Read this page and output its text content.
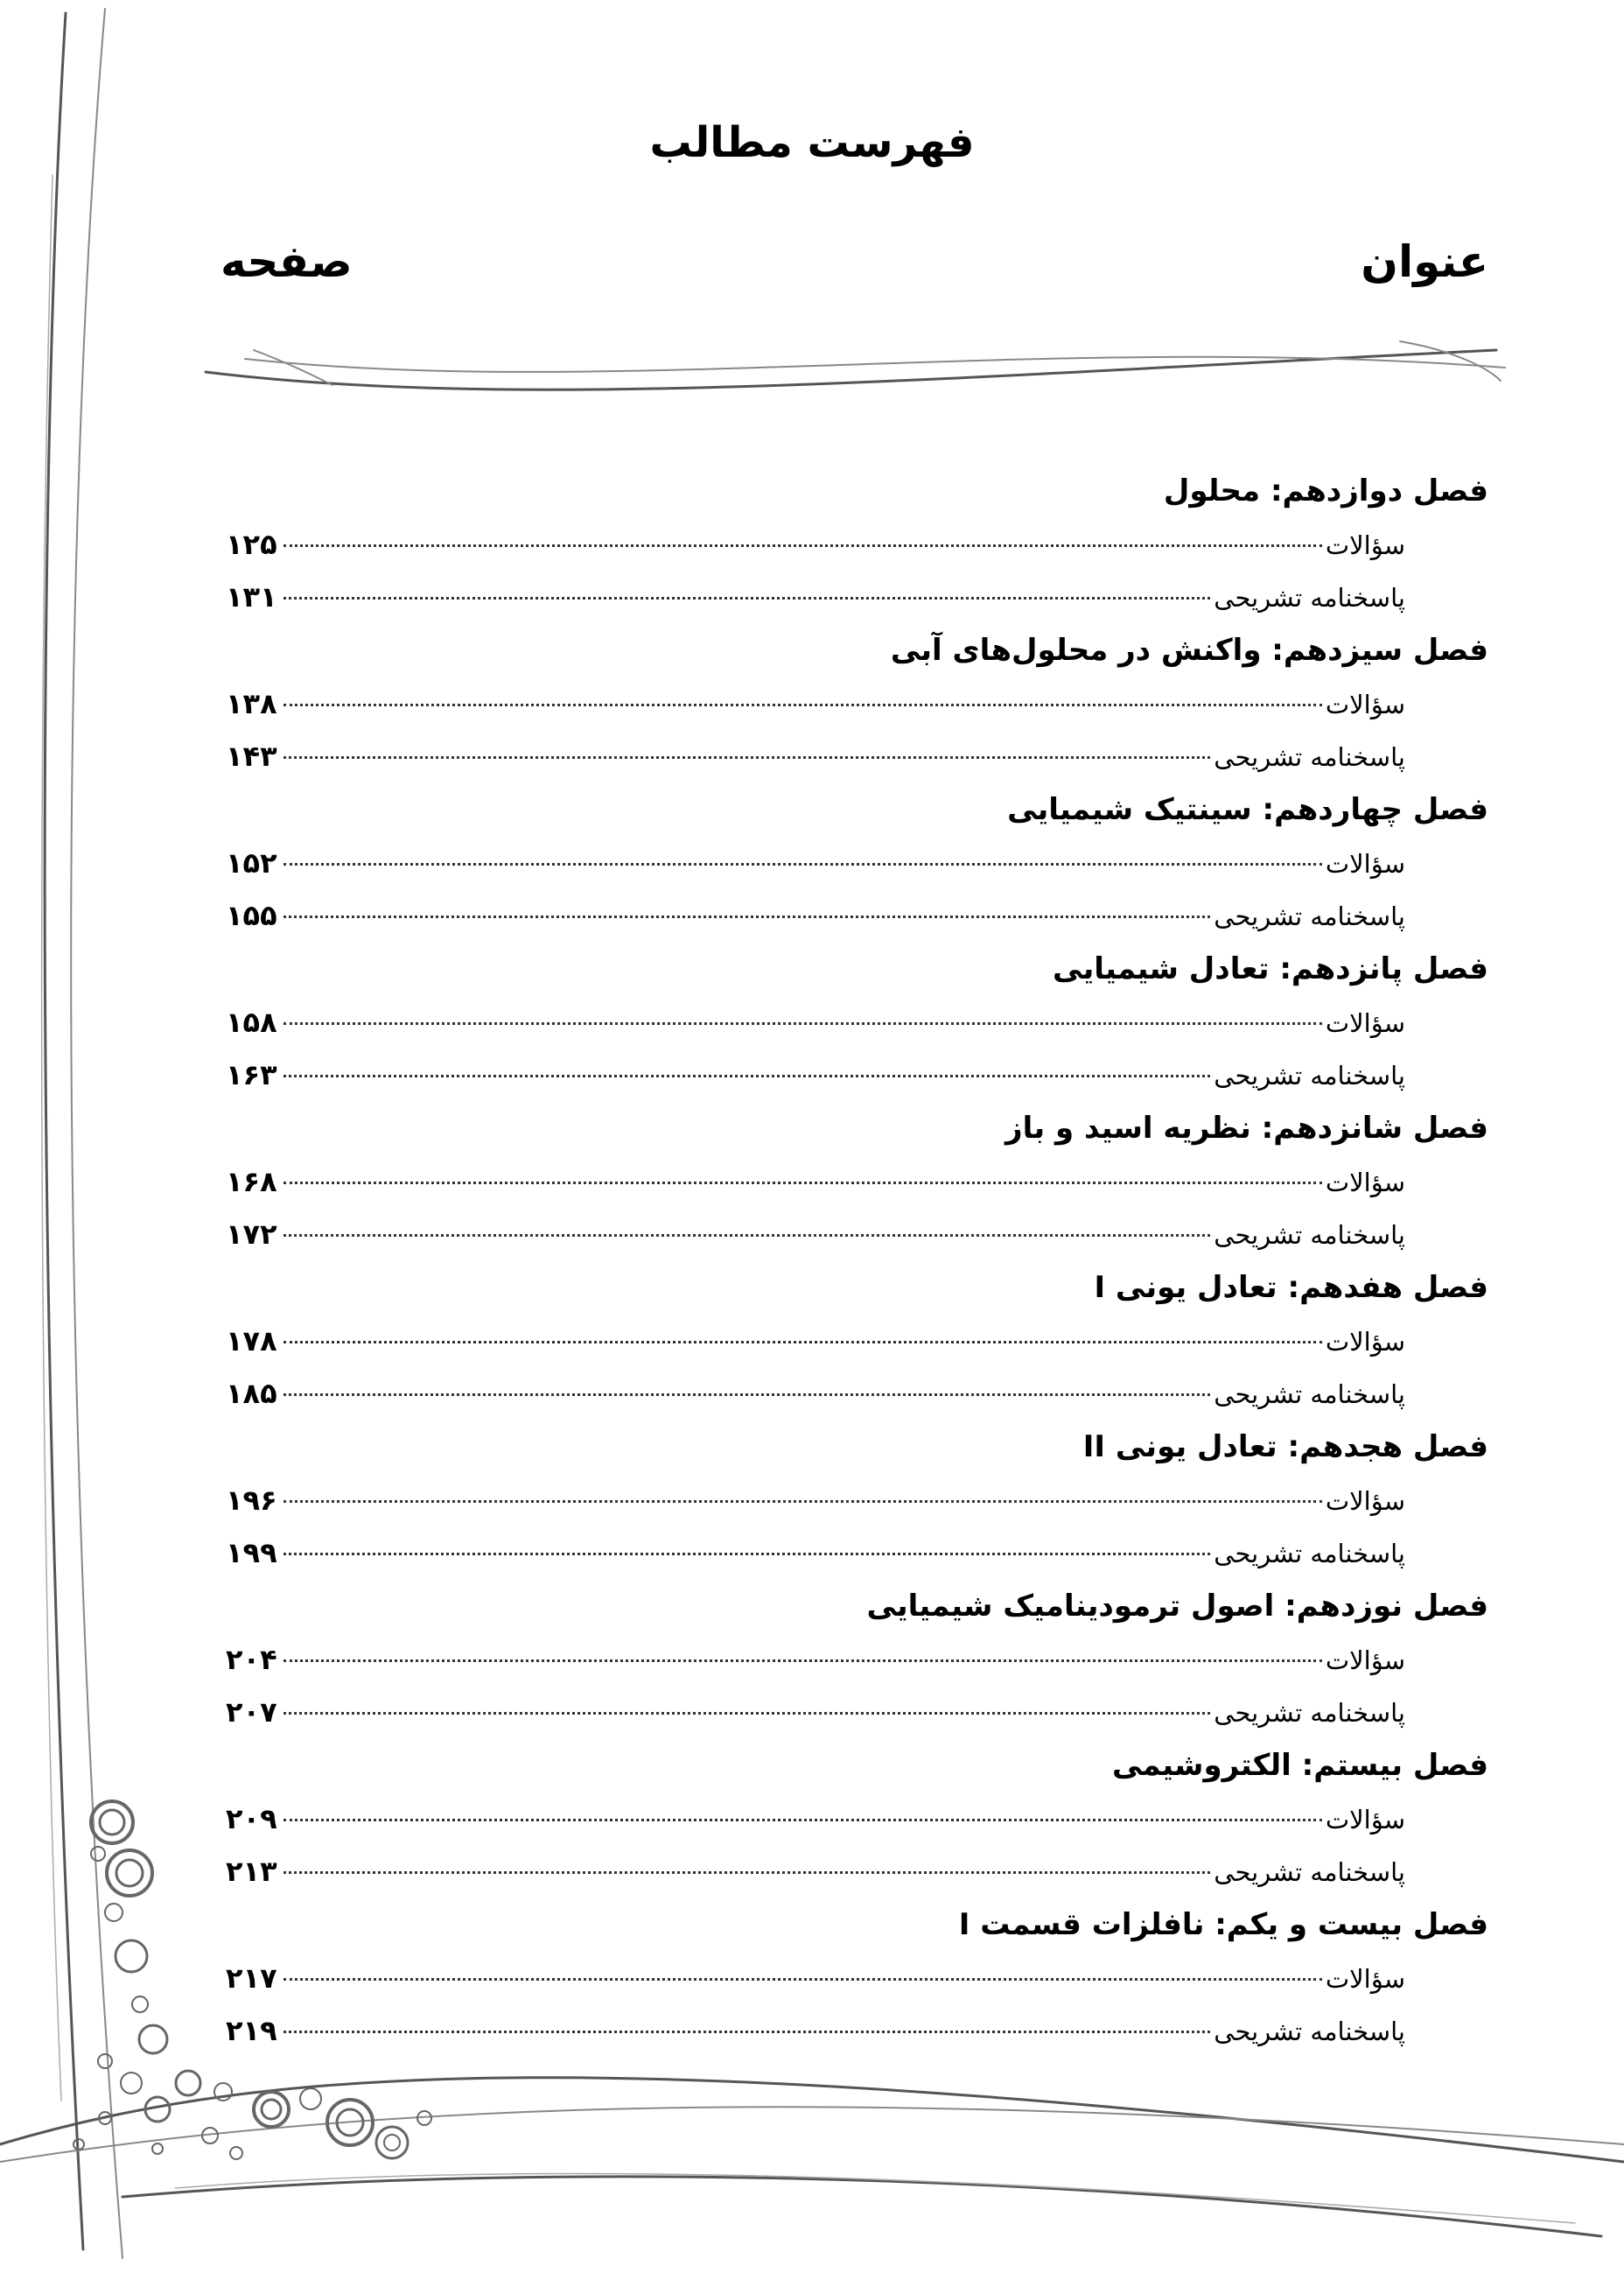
فهرست مطالب
عنوان
صفحه
فصل دوازدهم: محلول
سؤالات
۱۲۵
پاسخنامه تشریحی
۱۳۱
فصل سیزدهم: واکنش در محلول‌های آبی
سؤالات
۱۳۸
پاسخنامه تشریحی
۱۴۳
فصل چهاردهم: سینتیک شیمیایی
سؤالات
۱۵۲
پاسخنامه تشریحی
۱۵۵
فصل پانزدهم: تعادل شیمیایی
سؤالات
۱۵۸
پاسخنامه تشریحی
۱۶۳
فصل شانزدهم: نظریه اسید و باز
سؤالات
۱۶۸
پاسخنامه تشریحی
۱۷۲
فصل هفدهم: تعادل یونی I
سؤالات
۱۷۸
پاسخنامه تشریحی
۱۸۵
فصل هجدهم: تعادل یونی II
سؤالات
۱۹۶
پاسخنامه تشریحی
۱۹۹
فصل نوزدهم: اصول ترمودینامیک شیمیایی
سؤالات
۲۰۴
پاسخنامه تشریحی
۲۰۷
فصل بیستم: الکتروشیمی
سؤالات
۲۰۹
پاسخنامه تشریحی
۲۱۳
فصل بیست و یکم: نافلزات قسمت I
سؤالات
۲۱۷
پاسخنامه تشریحی
۲۱۹
